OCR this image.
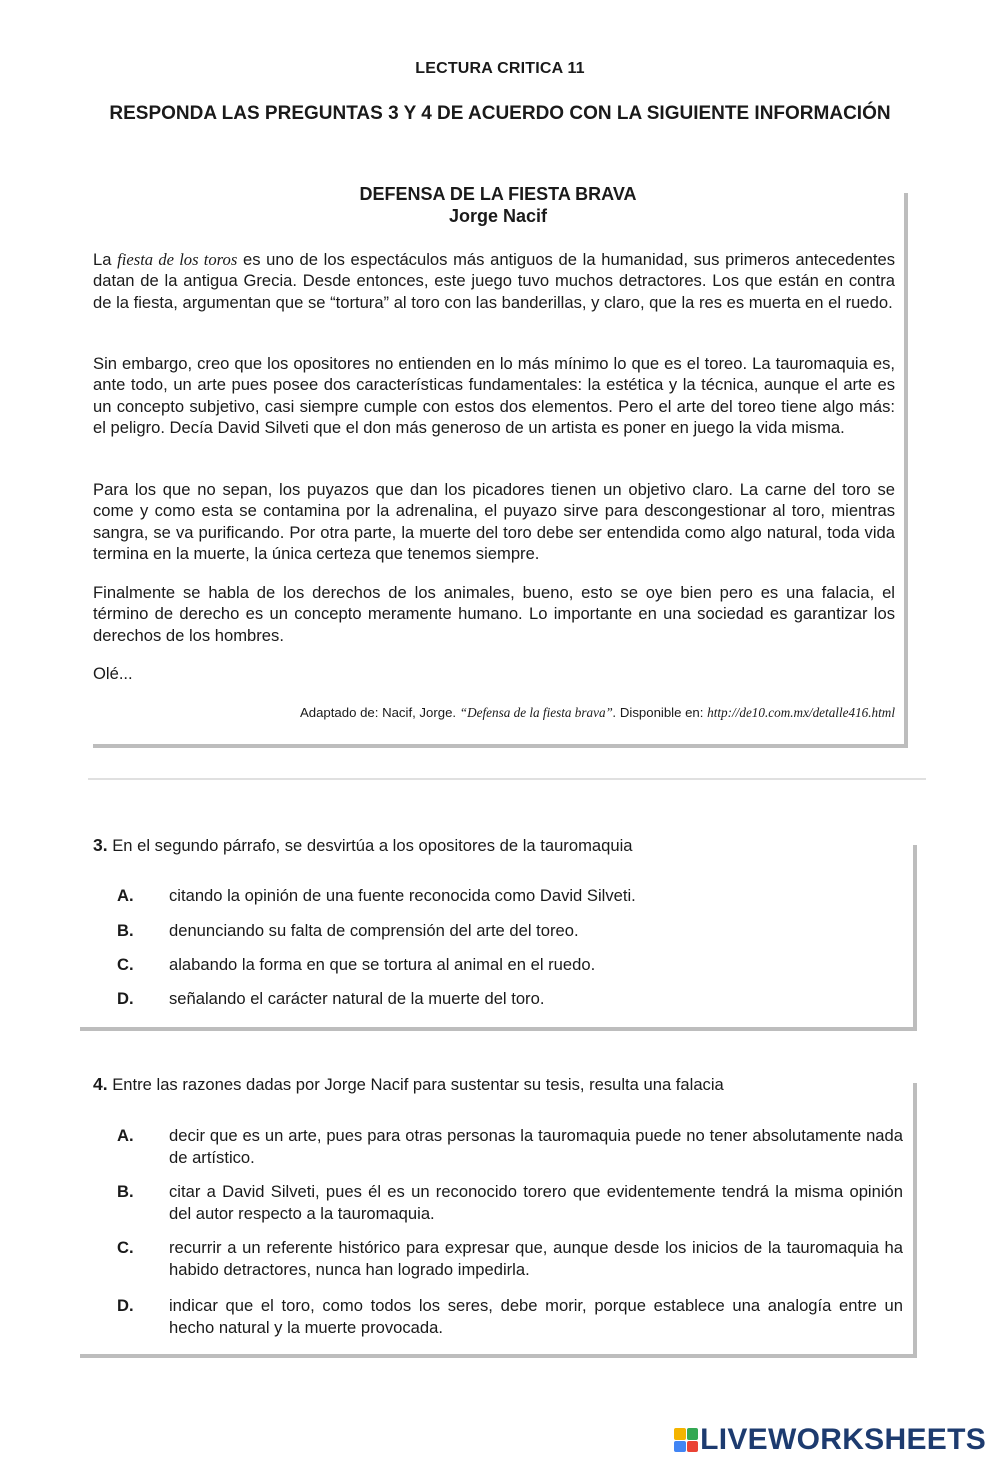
LECTURA CRITICA 11
RESPONDA LAS PREGUNTAS 3 Y 4 DE ACUERDO CON LA SIGUIENTE INFORMACIÓN
DEFENSA DE LA FIESTA BRAVA
Jorge Nacif

La fiesta de los toros es uno de los espectáculos más antiguos de la humanidad, sus primeros antecedentes datan de la antigua Grecia. Desde entonces, este juego tuvo muchos detractores. Los que están en contra de la fiesta, argumentan que se “tortura” al toro con las banderillas, y claro, que la res es muerta en el ruedo.

Sin embargo, creo que los opositores no entienden en lo más mínimo lo que es el toreo. La tauromaquia es, ante todo, un arte pues posee dos características fundamentales: la estética y la técnica, aunque el arte es un concepto subjetivo, casi siempre cumple con estos dos elementos. Pero el arte del toreo tiene algo más: el peligro. Decía David Silveti que el don más generoso de un artista es poner en juego la vida misma.

Para los que no sepan, los puyazos que dan los picadores tienen un objetivo claro. La carne del toro se come y como esta se contamina por la adrenalina, el puyazo sirve para descongestionar al toro, mientras sangra, se va purificando. Por otra parte, la muerte del toro debe ser entendida como algo natural, toda vida termina en la muerte, la única certeza que tenemos siempre.

Finalmente se habla de los derechos de los animales, bueno, esto se oye bien pero es una falacia, el término de derecho es un concepto meramente humano. Lo importante en una sociedad es garantizar los derechos de los hombres.

Olé...

Adaptado de: Nacif, Jorge. “Defensa de la fiesta brava”. Disponible en: http://de10.com.mx/detalle416.html
3. En el segundo párrafo, se desvirtúa a los opositores de la tauromaquia
A. citando la opinión de una fuente reconocida como David Silveti.
B. denunciando su falta de comprensión del arte del toreo.
C. alabando la forma en que se tortura al animal en el ruedo.
D. señalando el carácter natural de la muerte del toro.
4. Entre las razones dadas por Jorge Nacif para sustentar su tesis, resulta una falacia
A. decir que es un arte, pues para otras personas la tauromaquia puede no tener absolutamente nada de artístico.
B. citar a David Silveti, pues él es un reconocido torero que evidentemente tendrá la misma opinión del autor respecto a la tauromaquia.
C. recurrir a un referente histórico para expresar que, aunque desde los inicios de la tauromaquia ha habido detractores, nunca han logrado impedirla.
D. indicar que el toro, como todos los seres, debe morir, porque establece una analogía entre un hecho natural y la muerte provocada.
LIVEWORKSHEETS
